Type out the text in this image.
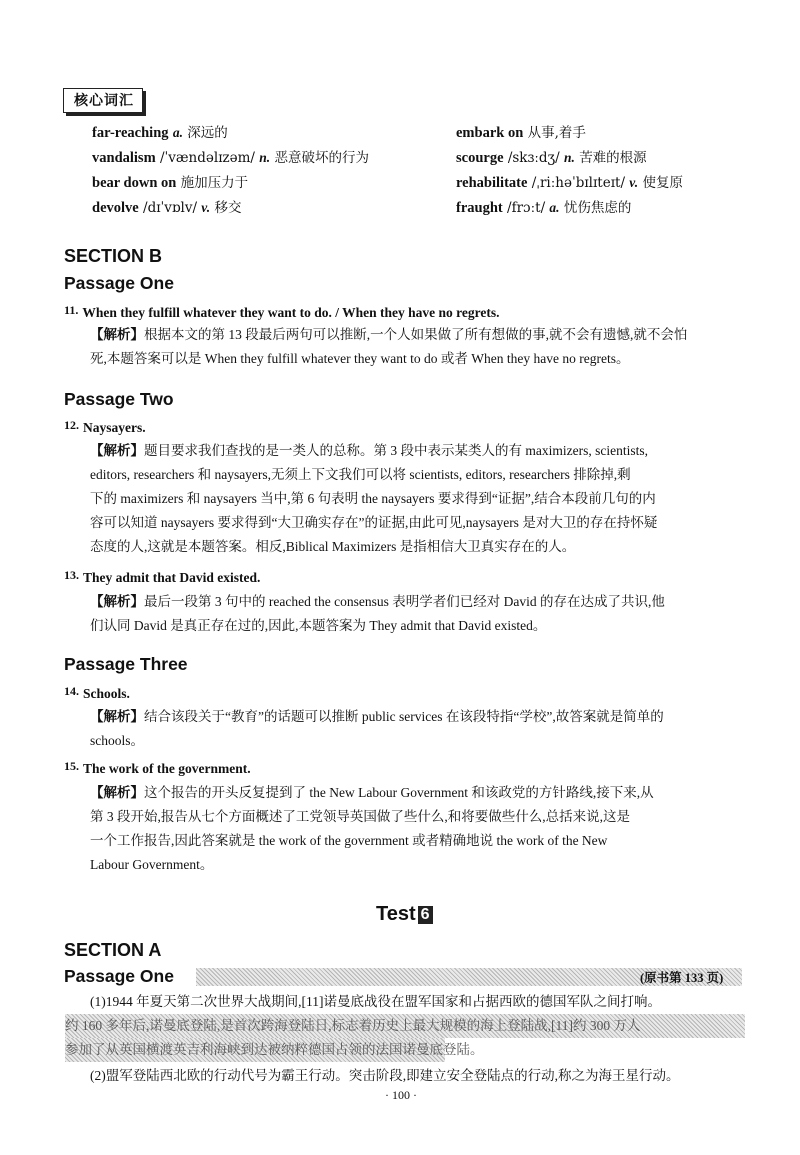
核心词汇
far-reaching a. 深远的
vandalism /ˈvændəlɪzəm/ n. 恶意破坏的行为
bear down on 施加压力于
devolve /dɪˈvɒlv/ v. 移交
embark on 从事,着手
scourge /skɜːdʒ/ n. 苦难的根源
rehabilitate /ˌriːhəˈbɪlɪteɪt/ v. 使复原
fraught /frɔːt/ a. 忧伤焦虑的
SECTION B
Passage One
11. When they fulfill whatever they want to do. / When they have no regrets.
【解析】根据本文的第 13 段最后两句可以推断,一个人如果做了所有想做的事,就不会有遗憾,就不会怕
死,本题答案可以是 When they fulfill whatever they want to do 或者 When they have no regrets。
Passage Two
12. Naysayers.
【解析】题目要求我们查找的是一类人的总称。第 3 段中表示某类人的有 maximizers, scientists,
editors, researchers 和 naysayers,无须上下文我们可以将 scientists, editors, researchers 排除掉,剩
下的 maximizers 和 naysayers 当中,第 6 句表明 the naysayers 要求得到“证据”,结合本段前几句的内
容可以知道 naysayers 要求得到“大卫确实存在”的证据,由此可见,naysayers 是对大卫的存在持怀疑
态度的人,这就是本题答案。相反,Biblical Maximizers 是指相信大卫真实存在的人。
13. They admit that David existed.
【解析】最后一段第 3 句中的 reached the consensus 表明学者们已经对 David 的存在达成了共识,他
们认同 David 是真正存在过的,因此,本题答案为 They admit that David existed。
Passage Three
14. Schools.
【解析】结合该段关于“教育”的话题可以推断 public services 在该段特指“学校”,故答案就是简单的
schools。
15. The work of the government.
【解析】这个报告的开头反复提到了 the New Labour Government 和该政党的方针路线,接下来,从
第 3 段开始,报告从七个方面概述了工党领导英国做了些什么,和将要做些什么,总括来说,这是
一个工作报告,因此答案就是 the work of the government 或者精确地说 the work of the New
Labour Government。
Test 6
SECTION A
Passage One	(原书第 133 页)
(1)1944 年夏天第二次世界大战期间,[11]诺曼底战役在盟军国家和占据西欧的德国军队之间打响。
约 160 多年后,诺曼底登陆,是首次跨海登陆日,标志着历史上最大规模的海上登陆战,[11]约 300 万人
参加了从英国横渡英吉利海峡到达被纳粹德国占领的法国诺曼底登陆。
(2)盟军登陆西北欧的行动代号为霸王行动。突击阶段,即建立安全登陆点的行动,称之为海王星行动。
· 100 ·
